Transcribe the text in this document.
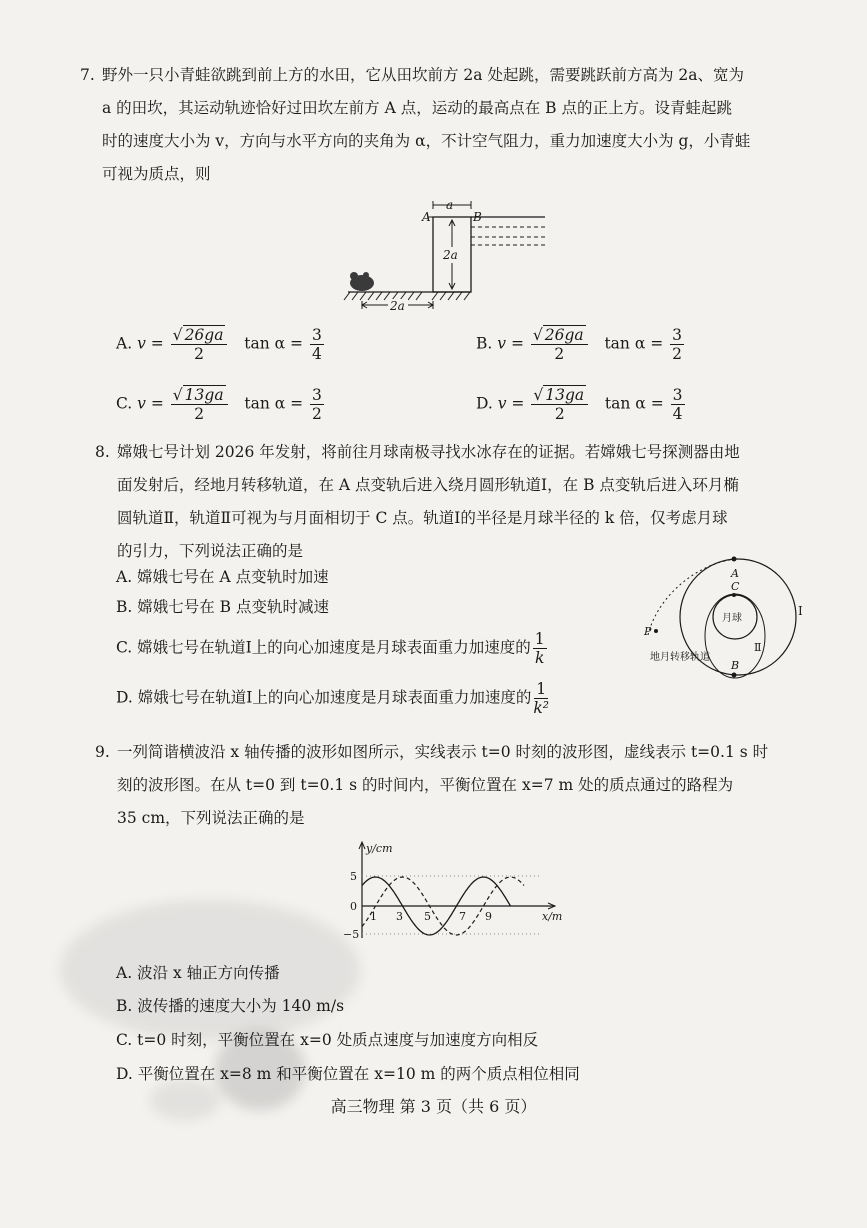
7. 野外一只小青蛙欲跳到前上方的水田，它从田坎前方 2a 处起跳，需要跳跃前方高为 2a、宽为

a 的田坎，其运动轨迹恰好过田坎左前方 A 点，运动的最高点在 B 点的正上方。设青蛙起跳

时的速度大小为 v，方向与水平方向的夹角为 α，不计空气阻力，重力加速度大小为 g，小青蛙

可视为质点，则

a
A	B
2a
2a
A. $v = \frac{√ 26ga}{2}$ $\tan \alpha = \frac{3}{4}$	B. $v = \frac{√ 26ga}{2}$ $\tan \alpha = \frac{3}{2}$
C. $v = \frac{√ 13ga}{2}$ $\tan \alpha = \frac{3}{2}$	D. $v = \frac{√ 13ga}{2}$ $\tan \alpha = \frac{3}{4}$

8. 嫦娥七号计划 2026 年发射，将前往月球南极寻找水冰存在的证据。若嫦娥七号探测器由地

面发射后，经地月转移轨道，在 A 点变轨后进入绕月圆形轨道Ⅰ，在 B 点变轨后进入环月椭

圆轨道Ⅱ，轨道Ⅱ可视为与月面相切于 C 点。轨道Ⅰ的半径是月球半径的 k 倍，仅考虑月球

的引力，下列说法正确的是

A. 嫦娥七号在 A 点变轨时加速
B. 嫦娥七号在 B 点变轨时减速
C. 嫦娥七号在轨道Ⅰ上的向心加速度是月球表面重力加速度的 $\frac{1}{k}$
D. 嫦娥七号在轨道Ⅰ上的向心加速度是月球表面重力加速度的 $\frac{1}{\text{k²}}$
A
C
B
P
月球
Ⅰ
Ⅱ
地月转移轨道

9. 一列简谐横波沿 x 轴传播的波形如图所示，实线表示 t=0 时刻的波形图，虚线表示 t=0.1 s 时

刻的波形图。在从 t=0 到 t=0.1 s 的时间内，平衡位置在 x=7 m 处的质点通过的路程为

35 cm，下列说法正确的是

y/cm
x/m
5
0
−5
1 3 5	7 9
A. 波沿 x 轴正方向传播
B. 波传播的速度大小为 140 m/s
C. t=0 时刻，平衡位置在 x=0 处质点速度与加速度方向相反
D. 平衡位置在 x=8 m 和平衡位置在 x=10 m 的两个质点相位相同
高三物理 第 3 页（共 6 页）
